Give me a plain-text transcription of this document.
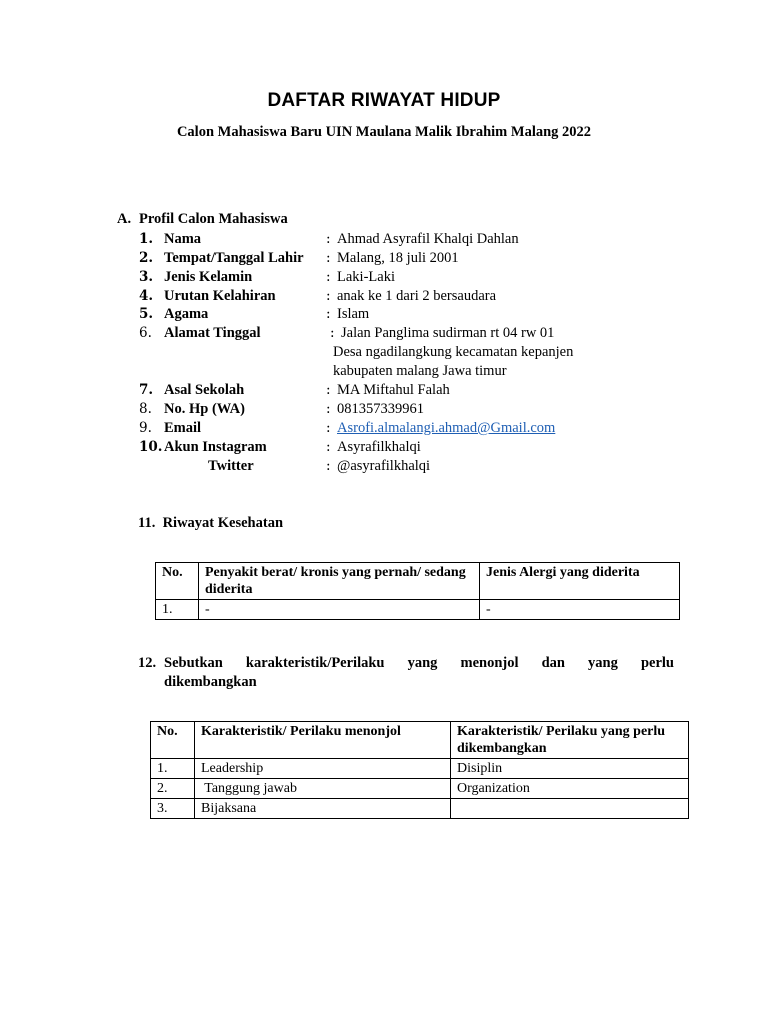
DAFTAR RIWAYAT HIDUP
Calon Mahasiswa Baru UIN Maulana Malik Ibrahim Malang 2022
A. Profil Calon Mahasiswa
1. Nama	: Ahmad Asyrafil Khalqi Dahlan
2. Tempat/Tanggal Lahir : Malang, 18 juli 2001
3. Jenis Kelamin	: Laki-Laki
4. Urutan Kelahiran	: anak ke 1 dari 2 bersaudara
5. Agama	: Islam
6. Alamat Tinggal	: Jalan Panglima sudirman rt 04 rw 01
Desa ngadilangkung kecamatan kepanjen
kabupaten malang Jawa timur
7. Asal Sekolah	: MA Miftahul Falah
8. No. Hp (WA)	: 081357339961
9. Email	: Asrofi.almalangi.ahmad@Gmail.com
10. Akun Instagram	: Asyrafilkhalqi
Twitter	: @asyrafilkhalqi
11. Riwayat Kesehatan
No.	Penyakit berat/ kronis yang pernah/ sedang diderita	Jenis Alergi yang diderita
1.	-	-
12. Sebutkan  karakteristik/Perilaku  yang  menonjol  dan  yang  perlu
dikembangkan
No.	Karakteristik/ Perilaku menonjol	Karakteristik/ Perilaku yang perlu dikembangkan
1.	Leadership	Disiplin
2.	Tanggung jawab	Organization
3.	Bijaksana	
